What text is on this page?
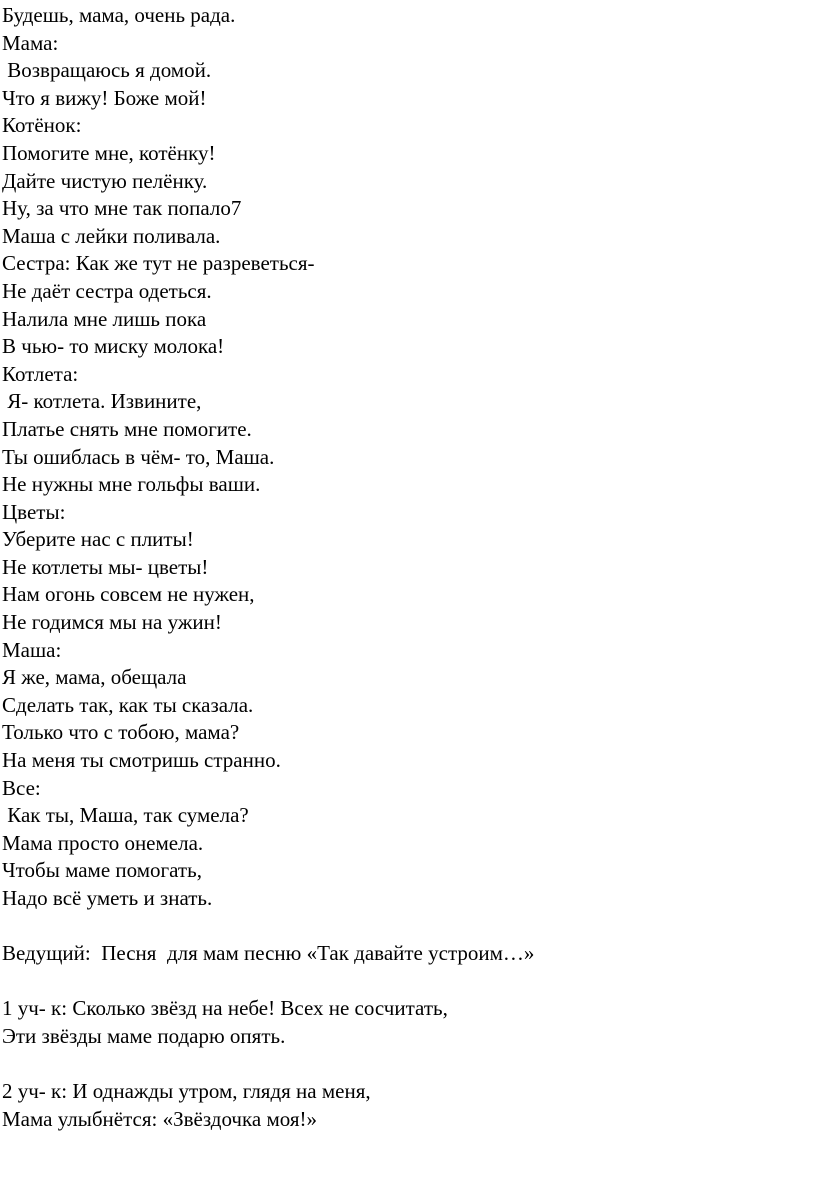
Будешь, мама, очень рада.
Мама:
Возвращаюсь я домой.
Что я вижу! Боже мой!
Котёнок:
Помогите мне, котёнку!
Дайте чистую пелёнку.
Ну, за что мне так попало7
Маша с лейки поливала.
Сестра: Как же тут не разреветься-
Не даёт сестра одеться.
Налила мне лишь пока
В чью- то миску молока!
Котлета:
Я- котлета. Извините,
Платье снять мне помогите.
Ты ошиблась в чём- то, Маша.
Не нужны мне гольфы ваши.
Цветы:
Уберите нас с плиты!
Не котлеты мы- цветы!
Нам огонь совсем не нужен,
Не годимся мы на ужин!
Маша:
Я же, мама, обещала
Сделать так, как ты сказала.
Только что с тобою, мама?
На меня ты смотришь странно.
Все:
Как ты, Маша, так сумела?
Мама просто онемела.
Чтобы маме помогать,
Надо всё уметь и знать.
Ведущий:  Песня  для мам песню «Так давайте устроим…»
1 уч- к: Сколько звёзд на небе! Всех не сосчитать,
Эти звёзды маме подарю опять.
2 уч- к: И однажды утром, глядя на меня,
Мама улыбнётся: «Звёздочка моя!»
